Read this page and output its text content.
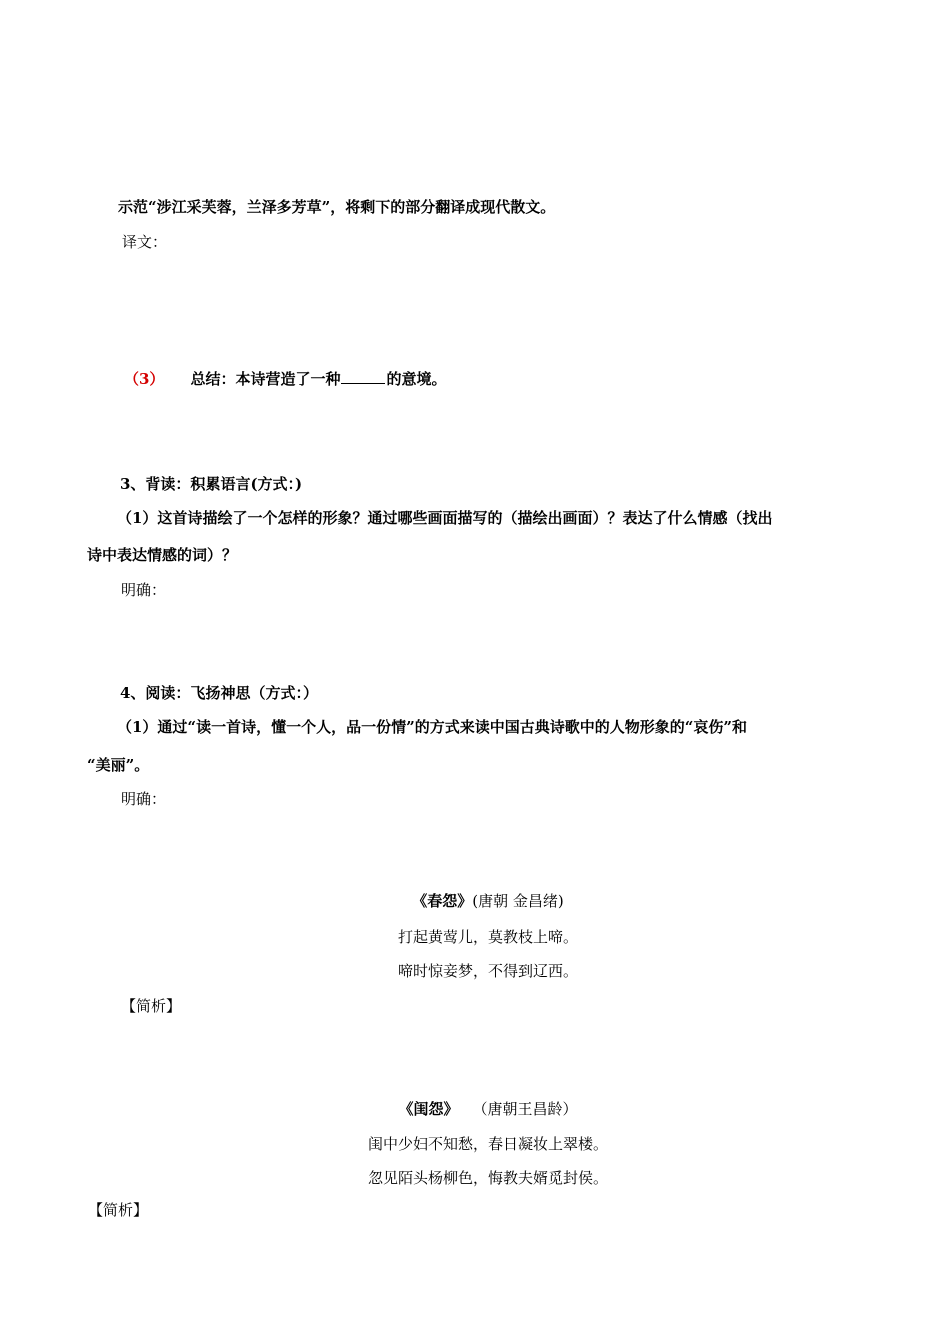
示范“涉江采芙蓉，兰泽多芳草”，将剩下的部分翻译成现代散文。
译文：
（3） 总结：本诗营造了一种	的意境。
3、背读：积累语言(方式：)
（1）这首诗描绘了一个怎样的形象？通过哪些画面描写的（描绘出画面）？表达了什么情感（找出
诗中表达情感的词）？
明确：
4、阅读：飞扬神思（方式：）
（1）通过“读一首诗，懂一个人，品一份情”的方式来读中国古典诗歌中的人物形象的“哀伤”和
“美丽”。
明确：
《春怨》(唐朝 金昌绪)
打起黄莺儿，莫教枝上啼。
啼时惊妾梦，不得到辽西。
【简析】
《闺怨》 （唐朝王昌龄）
闺中少妇不知愁，春日凝妆上翠楼。
忽见陌头杨柳色，悔教夫婿觅封侯。
【简析】
